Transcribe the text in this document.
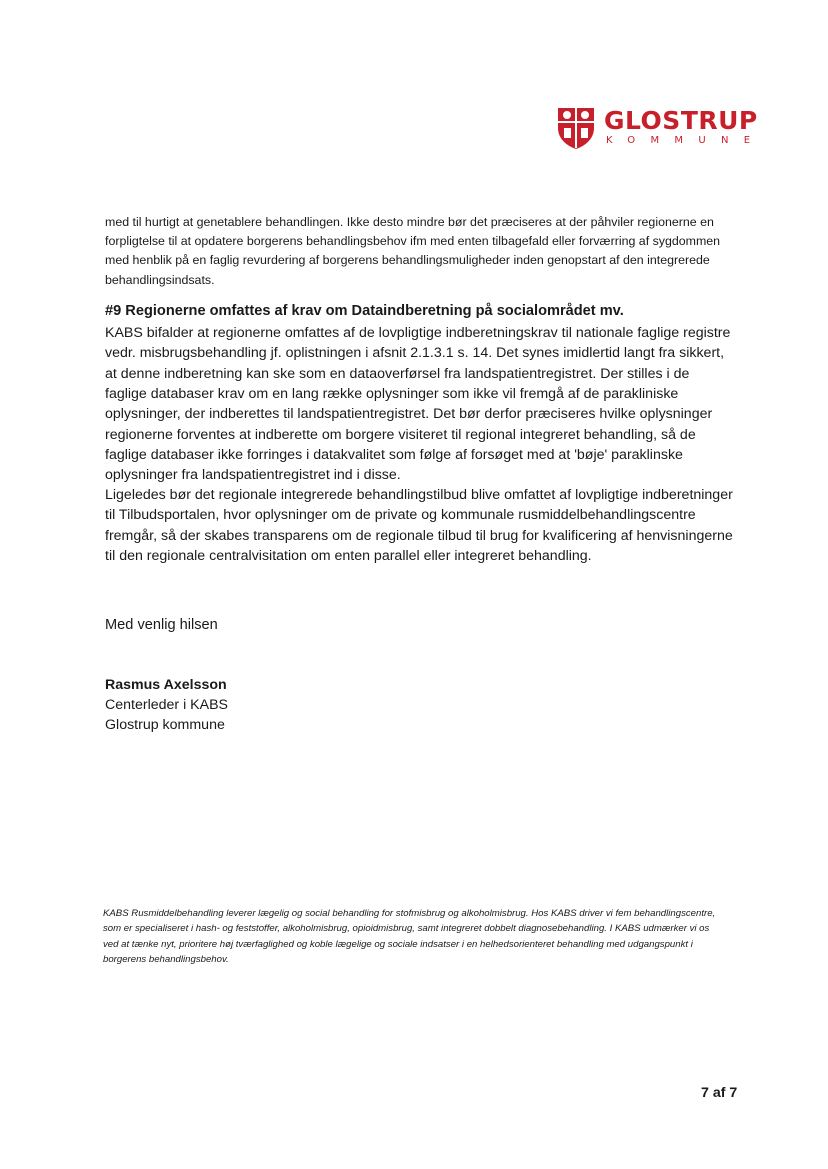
GLOSTRUP
KOMMUNE

med til hurtigt at genetablere behandlingen. Ikke desto mindre bør det præciseres at der påhviler regionerne en forpligtelse til at opdatere borgerens behandlingsbehov ifm med enten tilbagefald eller forværring af sygdommen med henblik på en faglig revurdering af borgerens behandlingsmuligheder inden genopstart af den integrerede behandlingsindsats.

#9 Regionerne omfattes af krav om Dataindberetning på socialområdet mv.

KABS bifalder at regionerne omfattes af de lovpligtige indberetningskrav til nationale faglige registre vedr. misbrugsbehandling jf. oplistningen i afsnit 2.1.3.1 s. 14. Det synes imidlertid langt fra sikkert, at denne indberetning kan ske som en dataoverførsel fra landspatientregistret. Der stilles i de faglige databaser krav om en lang række oplysninger som ikke vil fremgå af de parakliniske oplysninger, der indberettes til landspatientregistret. Det bør derfor præciseres hvilke oplysninger regionerne forventes at indberette om borgere visiteret til regional integreret behandling, så de faglige databaser ikke forringes i datakvalitet som følge af forsøget med at 'bøje' paraklinske oplysninger fra landspatientregistret ind i disse.

Ligeledes bør det regionale integrerede behandlingstilbud blive omfattet af lovpligtige indberetninger til Tilbudsportalen, hvor oplysninger om de private og kommunale rusmiddelbehandlingscentre fremgår, så der skabes transparens om de regionale tilbud til brug for kvalificering af henvisningerne til den regionale centralvisitation om enten parallel eller integreret behandling.

Med venlig hilsen

Rasmus Axelsson

Centerleder i KABS

Glostrup kommune

KABS Rusmiddelbehandling leverer lægelig og social behandling for stofmisbrug og alkoholmisbrug. Hos KABS driver vi fem behandlingscentre, som er specialiseret i hash- og feststoffer, alkoholmisbrug, opioidmisbrug, samt integreret dobbelt diagnosebehandling. I KABS udmærker vi os ved at tænke nyt, prioritere høj tværfaglighed og koble lægelige og sociale indsatser i en helhedsorienteret behandling med udgangspunkt i borgerens behandlingsbehov.

7 af 7
